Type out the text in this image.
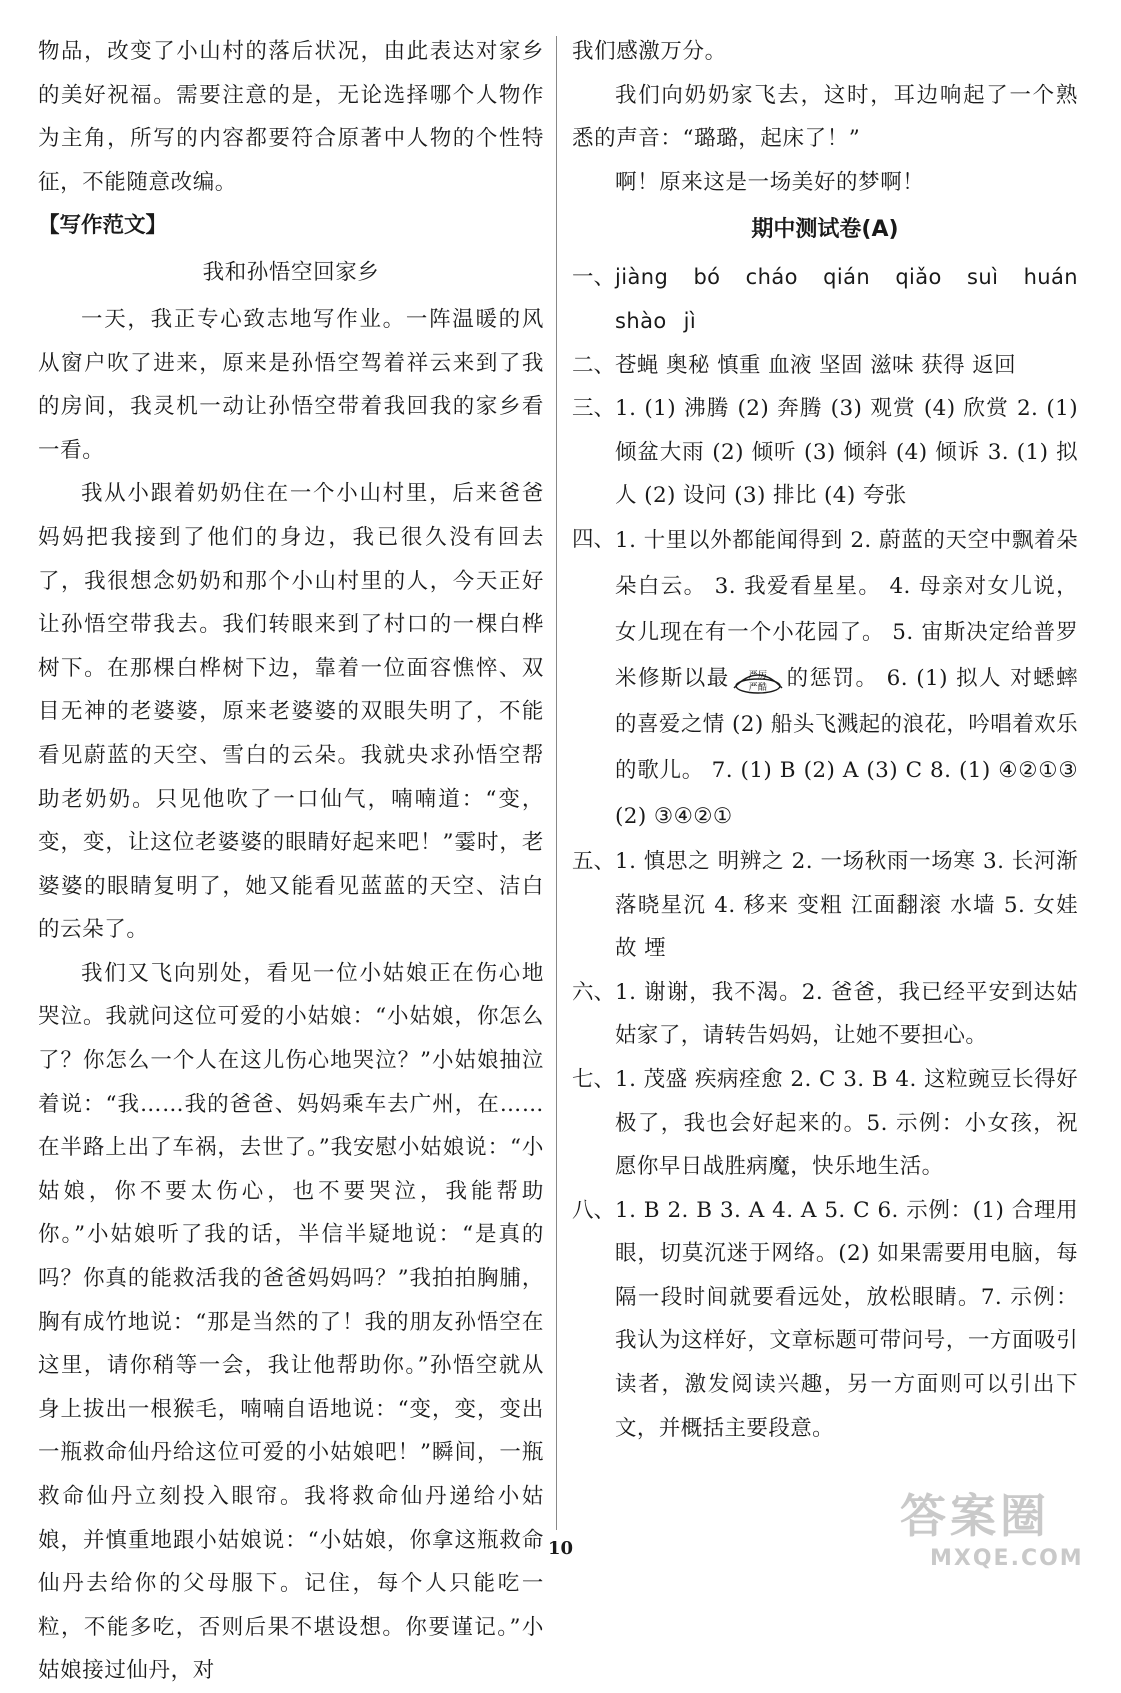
物品，改变了小山村的落后状况，由此表达对家乡的美好祝福。需要注意的是，无论选择哪个人物作为主角，所写的内容都要符合原著中人物的个性特征，不能随意改编。

【写作范文】
我和孙悟空回家乡

一天，我正专心致志地写作业。一阵温暖的风从窗户吹了进来，原来是孙悟空驾着祥云来到了我的房间，我灵机一动让孙悟空带着我回我的家乡看一看。

我从小跟着奶奶住在一个小山村里，后来爸爸妈妈把我接到了他们的身边，我已很久没有回去了，我很想念奶奶和那个小山村里的人，今天正好让孙悟空带我去。我们转眼来到了村口的一棵白桦树下。在那棵白桦树下边，靠着一位面容憔悴、双目无神的老婆婆，原来老婆婆的双眼失明了，不能看见蔚蓝的天空、雪白的云朵。我就央求孙悟空帮助老奶奶。只见他吹了一口仙气，喃喃道：“变，变，变，让这位老婆婆的眼睛好起来吧！”霎时，老婆婆的眼睛复明了，她又能看见蓝蓝的天空、洁白的云朵了。

我们又飞向别处，看见一位小姑娘正在伤心地哭泣。我就问这位可爱的小姑娘：“小姑娘，你怎么了？你怎么一个人在这儿伤心地哭泣？”小姑娘抽泣着说：“我……我的爸爸、妈妈乘车去广州，在……在半路上出了车祸，去世了。”我安慰小姑娘说：“小姑娘，你不要太伤心，也不要哭泣，我能帮助你。”小姑娘听了我的话，半信半疑地说：“是真的吗？你真的能救活我的爸爸妈妈吗？”我拍拍胸脯，胸有成竹地说：“那是当然的了！我的朋友孙悟空在这里，请你稍等一会，我让他帮助你。”孙悟空就从身上拔出一根猴毛，喃喃自语地说：“变，变，变出一瓶救命仙丹给这位可爱的小姑娘吧！”瞬间，一瓶救命仙丹立刻投入眼帘。我将救命仙丹递给小姑娘，并慎重地跟小姑娘说：“小姑娘，你拿这瓶救命仙丹去给你的父母服下。记住，每个人只能吃一粒，不能多吃，否则后果不堪设想。你要谨记。”小姑娘接过仙丹，对

我们感激万分。

我们向奶奶家飞去，这时，耳边响起了一个熟悉的声音：“璐璐，起床了！”

啊！原来这是一场美好的梦啊！

期中测试卷(A)
一、 jiàng bó cháo qián qiǎo suì huán shào jì
二、 苍蝇 奥秘 慎重 血液 坚固 滋味 获得 返回
三、 1. (1) 沸腾 (2) 奔腾 (3) 观赏 (4) 欣赏 2. (1) 倾盆大雨 (2) 倾听 (3) 倾斜 (4) 倾诉 3. (1) 拟人 (2) 设问 (3) 排比 (4) 夸张
四、 1. 十里以外都能闻得到 2. 蔚蓝的天空中飘着朵朵白云。 3. 我爱看星星。 4. 母亲对女儿说，女儿现在有一个小花园了。 5. 宙斯决定给普罗米修斯以最 严厉
严酷 的惩罚。 6. (1) 拟人 对蟋蟀的喜爱之情 (2) 船头飞溅起的浪花，吟唱着欢乐的歌儿。 7. (1) B (2) A (3) C 8. (1) ④②①③ (2) ③④②①
五、 1. 慎思之 明辨之 2. 一场秋雨一场寒 3. 长河渐落晓星沉 4. 移来 变粗 江面翻滚 水墙 5. 女娃 故 堙
六、 1. 谢谢，我不渴。2. 爸爸，我已经平安到达姑姑家了，请转告妈妈，让她不要担心。
七、 1. 茂盛 疾病痊愈 2. C 3. B 4. 这粒豌豆长得好极了，我也会好起来的。5. 示例：小女孩，祝愿你早日战胜病魔，快乐地生活。
八、 1. B 2. B 3. A 4. A 5. C 6. 示例：(1) 合理用眼，切莫沉迷于网络。(2) 如果需要用电脑，每隔一段时间就要看远处，放松眼睛。7. 示例：我认为这样好，文章标题可带问号，一方面吸引读者，激发阅读兴趣，另一方面则可以引出下文，并概括主要段意。
10
答案圈
MXQE.COM
